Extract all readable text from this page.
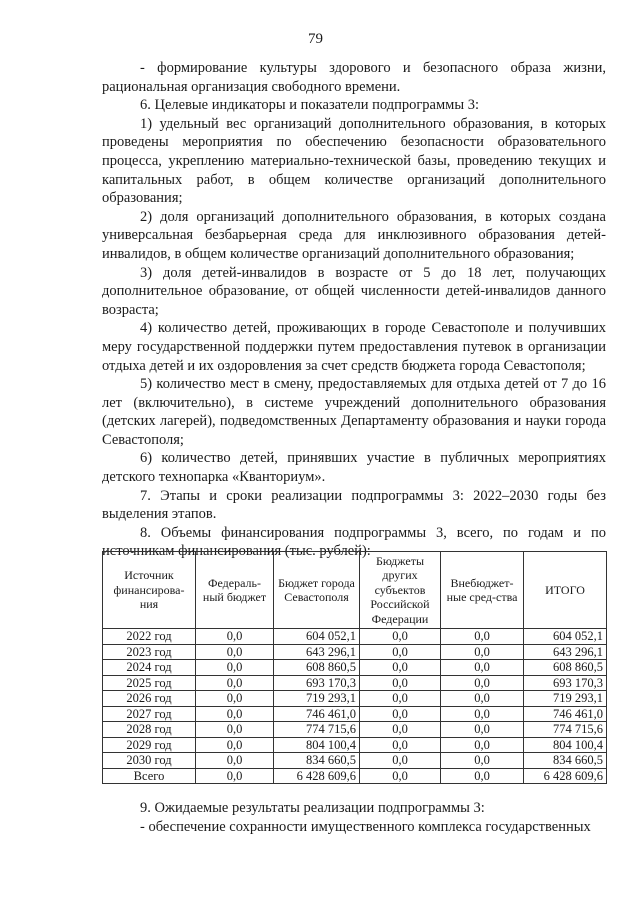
79

- формирование культуры здорового и безопасного образа жизни, рациональная организация свободного времени.

6. Целевые индикаторы и показатели подпрограммы 3:

1) удельный вес организаций дополнительного образования, в которых проведены мероприятия по обеспечению безопасности образовательного процесса, укреплению материально-технической базы, проведению текущих и капитальных работ, в общем количестве организаций дополнительного образования;

2) доля организаций дополнительного образования, в которых создана универсальная безбарьерная среда для инклюзивного образования детей-инвалидов, в общем количестве организаций дополнительного образования;

3) доля детей-инвалидов в возрасте от 5 до 18 лет, получающих дополнительное образование, от общей численности детей-инвалидов данного возраста;

4) количество детей, проживающих в городе Севастополе и получивших меру государственной поддержки путем предоставления путевок в организации отдыха детей и их оздоровления за счет средств бюджета города Севастополя;

5) количество мест в смену, предоставляемых для отдыха детей от 7 до 16 лет (включительно), в системе учреждений дополнительного образования (детских лагерей), подведомственных Департаменту образования и науки города Севастополя;

6) количество детей, принявших участие в публичных мероприятиях детского технопарка «Кванториум».

7. Этапы и сроки реализации подпрограммы 3: 2022–2030 годы без выделения этапов.

8. Объемы финансирования подпрограммы 3, всего, по годам и по источникам финансирования (тыс. рублей):

Источник финансирова-ния	Федераль-ный бюджет	Бюджет города Севастополя	Бюджеты других субъектов Российской Федерации	Внебюджет-ные сред-ства	ИТОГО
2022 год	0,0	604 052,1	0,0	0,0	604 052,1
2023 год	0,0	643 296,1	0,0	0,0	643 296,1
2024 год	0,0	608 860,5	0,0	0,0	608 860,5
2025 год	0,0	693 170,3	0,0	0,0	693 170,3
2026 год	0,0	719 293,1	0,0	0,0	719 293,1
2027 год	0,0	746 461,0	0,0	0,0	746 461,0
2028 год	0,0	774 715,6	0,0	0,0	774 715,6
2029 год	0,0	804 100,4	0,0	0,0	804 100,4
2030 год	0,0	834 660,5	0,0	0,0	834 660,5
Всего	0,0	6 428 609,6	0,0	0,0	6 428 609,6

9. Ожидаемые результаты реализации подпрограммы 3:

- обеспечение сохранности имущественного комплекса государственных
